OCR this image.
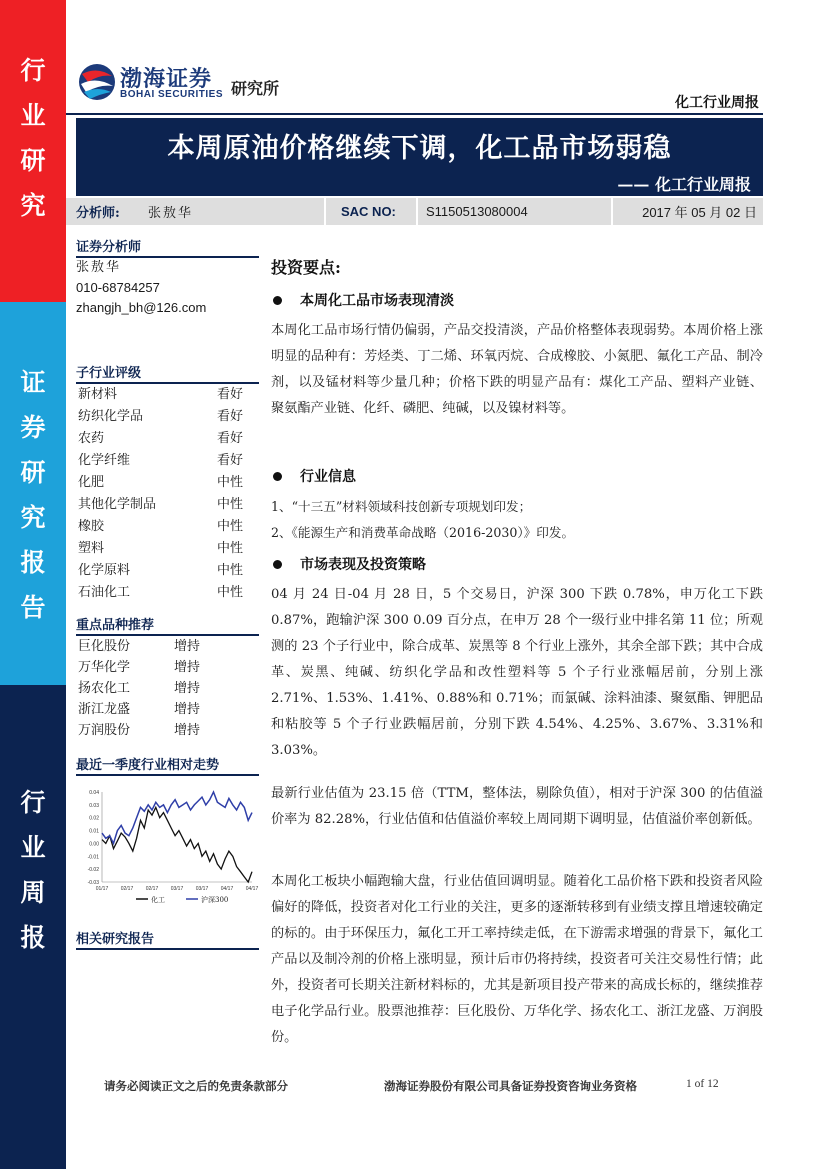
行
业
研
究
证
券
研
究
报
告
行
业
周
报
渤海证券
BOHAI SECURITIES 研究所
化工行业周报
本周原油价格继续下调，化工品市场弱稳
—— 化工行业周报
分析师: 张敖华	SAC NO: S1150513080004	2017 年 05 月 02 日
证券分析师
张敖华
010-68784257
zhangjh_bh@126.com
子行业评级
新材料	看好
纺织化学品	看好
农药	看好
化学纤维	看好
化肥	中性
其他化学制品	中性
橡胶	中性
塑料	中性
化学原料	中性
石油化工	中性
重点品种推荐
巨化股份	增持
万华化学	增持
扬农化工	增持
浙江龙盛	增持
万润股份	增持
最近一季度行业相对走势
0.04
0.03
0.02
0.01
0.00
-0.01
-0.02
-0.03
01/17 02/17 02/17 03/17 03/17 04/17 04/17
化工	沪深300
相关研究报告
投资要点:
本周化工品市场表现清淡
本周化工品市场行情仍偏弱，产品交投清淡，产品价格整体表现弱势。本周价格上涨明显的品种有：芳烃类、丁二烯、环氧丙烷、合成橡胶、小氮肥、氟化工产品、制冷剂，以及锰材料等少量几种；价格下跌的明显产品有：煤化工产品、塑料产业链、 聚氨酯产业链、化纤、磷肥、纯碱，以及镍材料等。
行业信息
1、“十三五”材料领域科技创新专项规划印发；
2、《能源生产和消费革命战略（2016-2030）》印发。
市场表现及投资策略
04 月 24 日-04 月 28 日，5 个交易日，沪深 300 下跌 0.78%，申万化工下跌 0.87%，跑输沪深 300 0.09 百分点，在申万 28 个一级行业中排名第 11 位；所观测的 23 个子行业中，除合成革、炭黑等 8 个行业上涨外，其余全部下跌；其中合成革、炭黑、纯碱、纺织化学品和改性塑料等 5 个子行业涨幅居前，分别上涨 2.71%、1.53%、1.41%、0.88%和 0.71%；而氯碱、涂料油漆、聚氨酯、钾肥品和粘胶等 5 个子行业跌幅居前，分别下跌 4.54%、4.25%、3.67%、3.31%和 3.03%。
最新行业估值为 23.15 倍（TTM，整体法，剔除负值），相对于沪深 300 的估值溢价率为 82.28%，行业估值和估值溢价率较上周同期下调明显，估值溢价率创新低。
本周化工板块小幅跑输大盘，行业估值回调明显。随着化工品价格下跌和投资者风险偏好的降低，投资者对化工行业的关注，更多的逐渐转移到有业绩支撑且增速较确定的标的。由于环保压力，氟化工开工率持续走低，在下游需求增强的背景下，氟化工产品以及制冷剂的价格上涨明显，预计后市仍将持续，投资者可关注交易性行情；此外，投资者可长期关注新材料标的，尤其是新项目投产带来的高成长标的，继续推荐电子化学品行业。股票池推荐：巨化股份、万华化学、扬农化工、浙江龙盛、万润股份。
请务必阅读正文之后的免责条款部分	渤海证券股份有限公司具备证券投资咨询业务资格	1 of 12
